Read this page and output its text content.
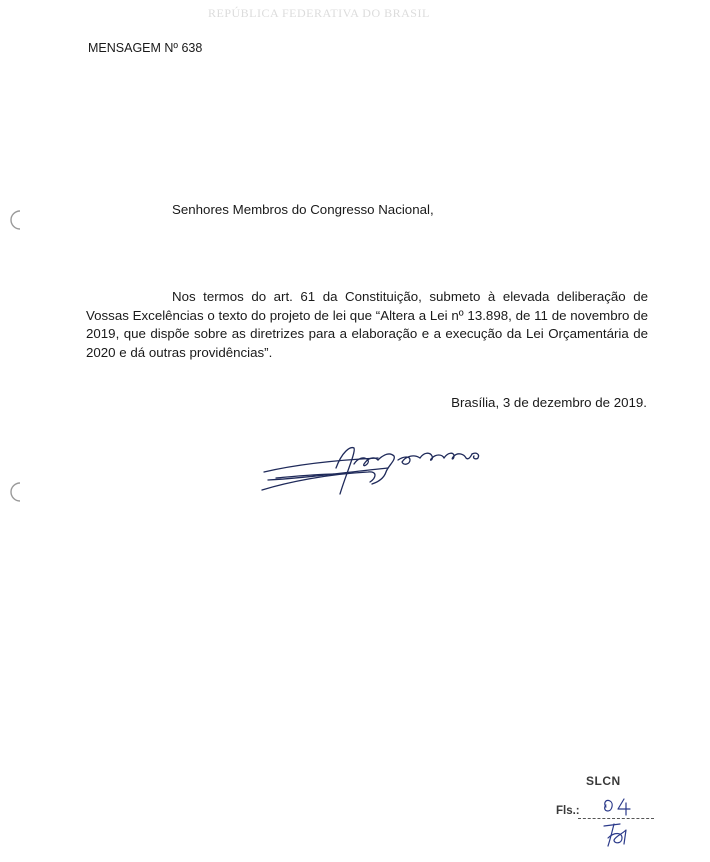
REPÚBLICA FEDERATIVA DO BRASIL
MENSAGEM Nº 638
Senhores Membros do Congresso Nacional,
Nos termos do art. 61 da Constituição, submeto à elevada deliberação de Vossas Excelências o texto do projeto de lei que “Altera a Lei nº 13.898, de 11 de novembro de 2019, que dispõe sobre as diretrizes para a elaboração e a execução da Lei Orçamentária de 2020 e dá outras providências”.
Brasília, 3 de dezembro de 2019.
SLCN
Fls.:
